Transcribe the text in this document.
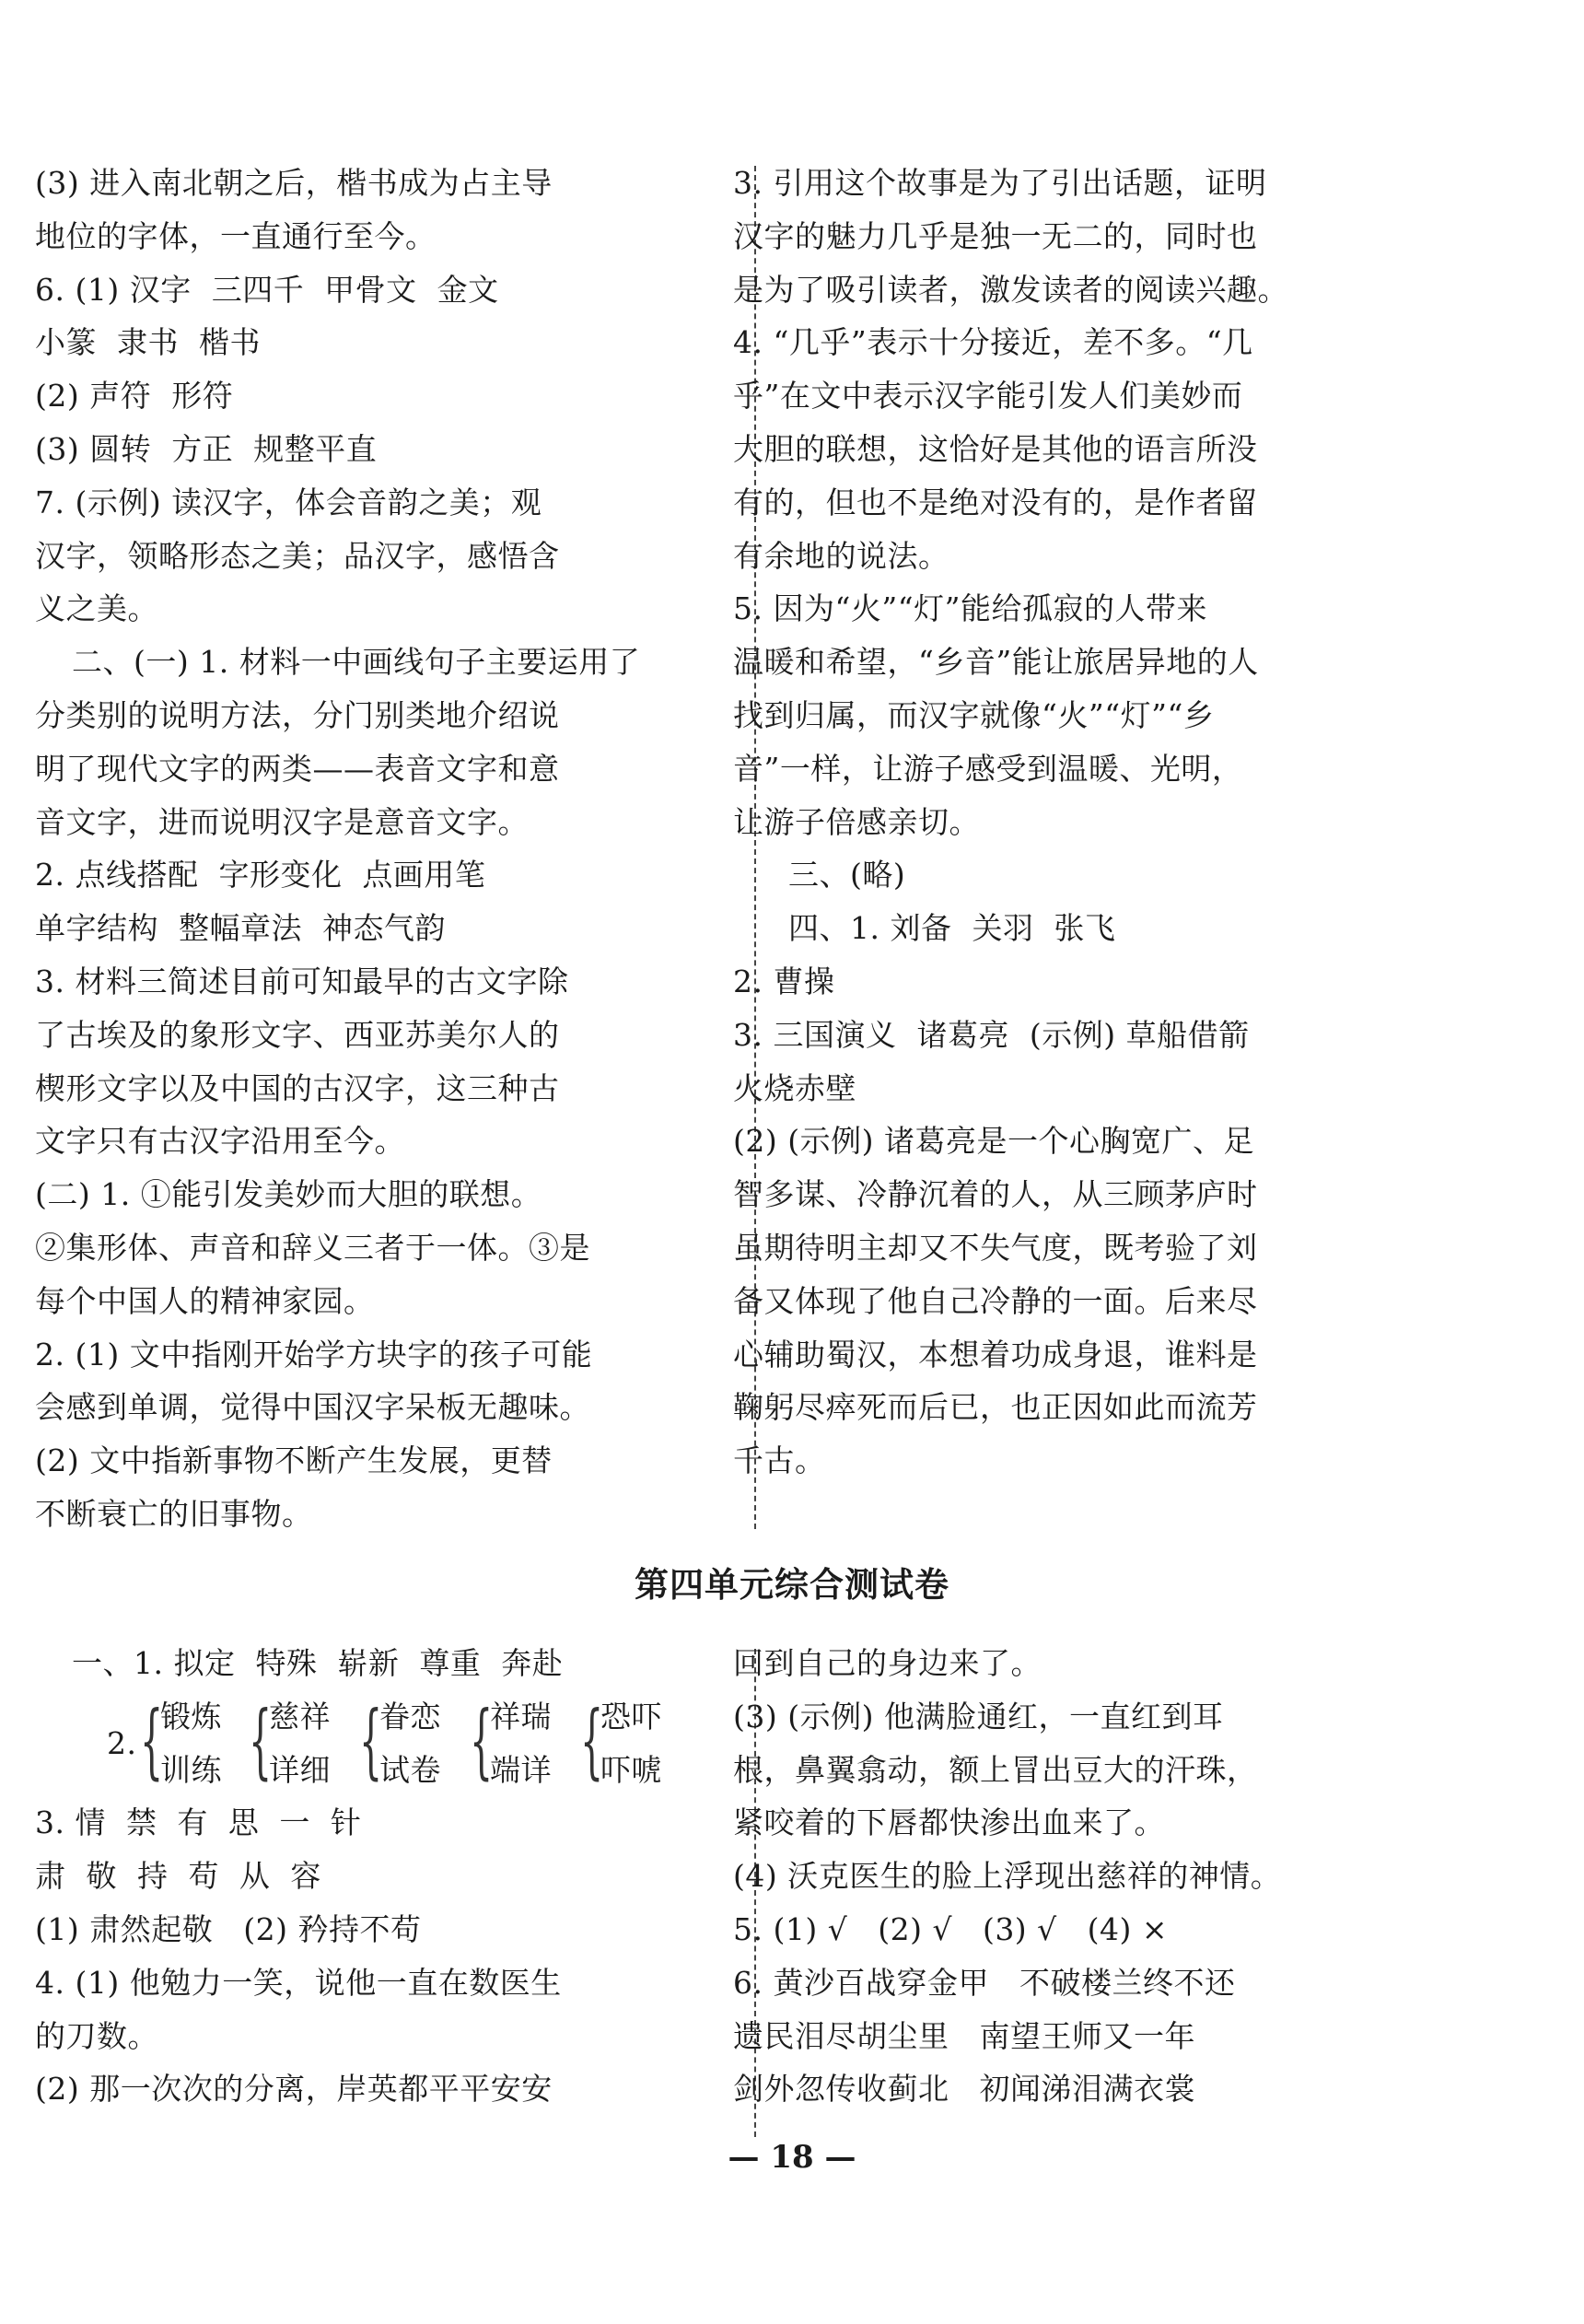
(3) 进入南北朝之后，楷书成为占主导
地位的字体，一直通行至今。
6. (1) 汉字  三四千  甲骨文  金文
小篆  隶书  楷书
(2) 声符  形符
(3) 圆转  方正  规整平直
7. (示例) 读汉字，体会音韵之美；观
汉字，领略形态之美；品汉字，感悟含
义之美。
二、(一) 1. 材料一中画线句子主要运用了
分类别的说明方法，分门别类地介绍说
明了现代文字的两类——表音文字和意
音文字，进而说明汉字是意音文字。
2. 点线搭配  字形变化  点画用笔
单字结构  整幅章法  神态气韵
3. 材料三简述目前可知最早的古文字除
了古埃及的象形文字、西亚苏美尔人的
楔形文字以及中国的古汉字，这三种古
文字只有古汉字沿用至今。
(二) 1. ①能引发美妙而大胆的联想。
②集形体、声音和辞义三者于一体。③是
每个中国人的精神家园。
2. (1) 文中指刚开始学方块字的孩子可能
会感到单调，觉得中国汉字呆板无趣味。
(2) 文中指新事物不断产生发展，更替
不断衰亡的旧事物。
3. 引用这个故事是为了引出话题，证明
汉字的魅力几乎是独一无二的，同时也
是为了吸引读者，激发读者的阅读兴趣。
4. “几乎”表示十分接近，差不多。“几
乎”在文中表示汉字能引发人们美妙而
大胆的联想，这恰好是其他的语言所没
有的，但也不是绝对没有的，是作者留
有余地的说法。
5. 因为“火”“灯”能给孤寂的人带来
温暖和希望，“乡音”能让旅居异地的人
找到归属，而汉字就像“火”“灯”“乡
音”一样，让游子感受到温暖、光明，
让游子倍感亲切。
三、(略)
四、1. 刘备  关羽  张飞
2. 曹操
3. 三国演义  诸葛亮  (示例) 草船借箭
火烧赤壁
(2) (示例) 诸葛亮是一个心胸宽广、足
智多谋、冷静沉着的人，从三顾茅庐时
虽期待明主却又不失气度，既考验了刘
备又体现了他自己冷静的一面。后来尽
心辅助蜀汉，本想着功成身退，谁料是
鞠躬尽瘁死而后已，也正因如此而流芳
千古。
第四单元综合测试卷
一、1. 拟定  特殊  崭新  尊重  奔赴
2. {
锻炼
训练 {
慈祥
详细 {
眷恋
试卷 {
祥瑞
端详 {
恐吓
吓唬
3. 情  禁  有  思  一  针
肃  敬  持  苟  从  容
(1) 肃然起敬   (2) 矜持不苟
4. (1) 他勉力一笑，说他一直在数医生
的刀数。
(2) 那一次次的分离，岸英都平平安安
回到自己的身边来了。
(3) (示例) 他满脸通红，一直红到耳
根，鼻翼翕动，额上冒出豆大的汗珠，
紧咬着的下唇都快渗出血来了。
(4) 沃克医生的脸上浮现出慈祥的神情。
5. (1) √   (2) √   (3) √   (4) ×
6. 黄沙百战穿金甲   不破楼兰终不还
遗民泪尽胡尘里   南望王师又一年
剑外忽传收蓟北   初闻涕泪满衣裳
— 18 —
